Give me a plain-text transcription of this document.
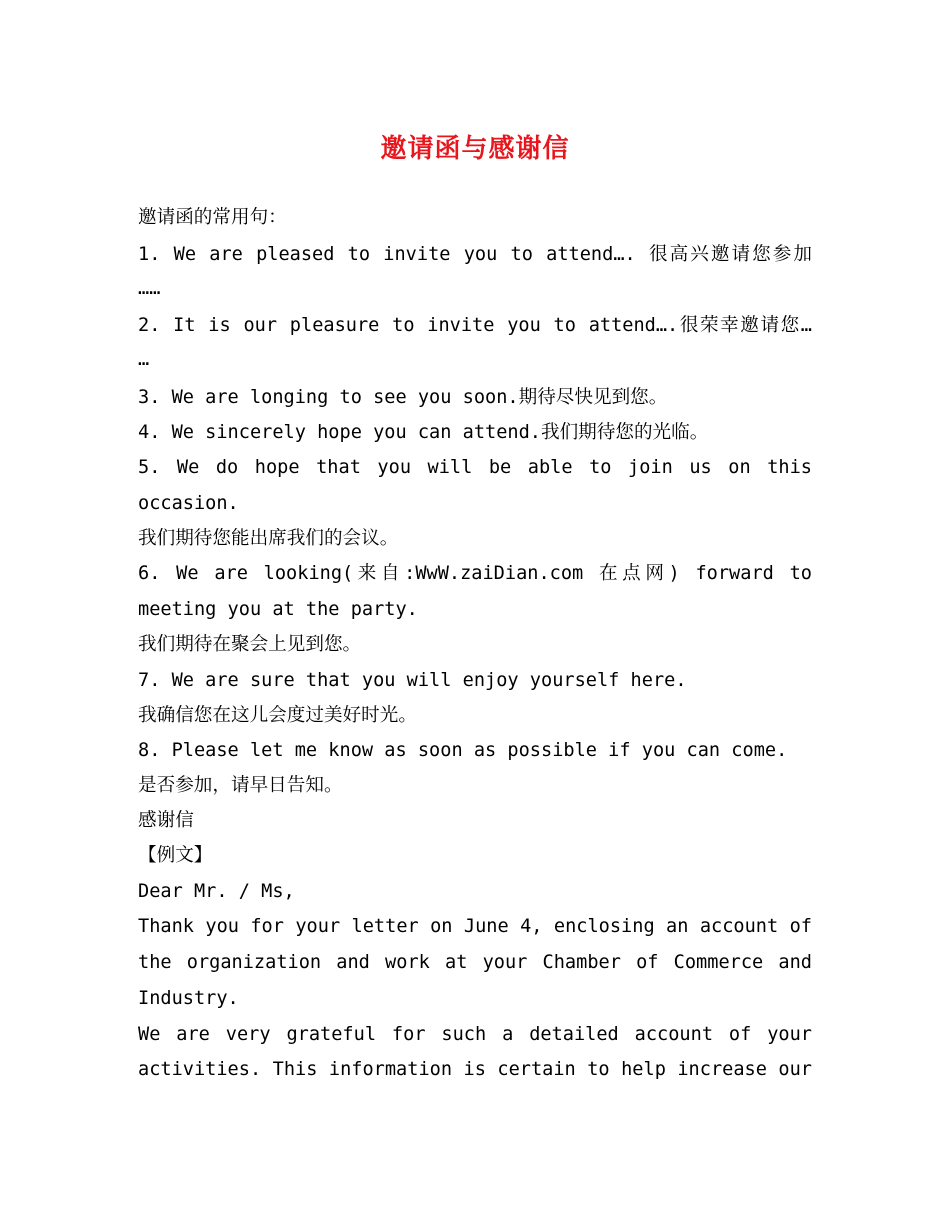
邀请函与感谢信
邀请函的常用句：
1. We are pleased to invite you to attend…. 很高兴邀请您参加
……
2. It is our pleasure to invite you to attend….很荣幸邀请您…
…
3. We are longing to see you soon.期待尽快见到您。
4. We sincerely hope you can attend.我们期待您的光临。
5. We do hope that you will be able to join us on this
occasion.
我们期待您能出席我们的会议。
6. We are looking(来自:WwW.zaiDian.com 在点网) forward to
meeting you at the party.
我们期待在聚会上见到您。
7. We are sure that you will enjoy yourself here.
我确信您在这儿会度过美好时光。
8. Please let me know as soon as possible if you can come.
是否参加，请早日告知。
感谢信
【例文】
Dear Mr. / Ms,
Thank you for your letter on June 4, enclosing an account of
the organization and work at your Chamber of Commerce and
Industry.
We are very grateful for such a detailed account of your
activities. This information is certain to help increase our
